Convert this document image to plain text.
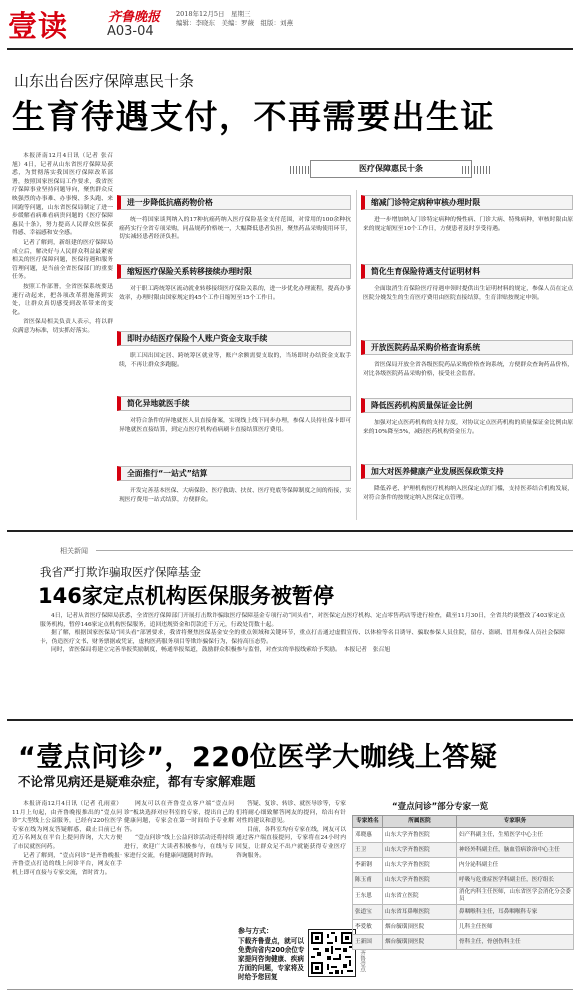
壹读	齐鲁晚报
A03-04
2018年12月5日　星期三
编辑：李晓东　美编：罗薇　组版：刘燕
山东出台医疗保障惠民十条
生育待遇支付，不再需要出生证

本报济南12月4日讯（记者 张召旭）4日，记者从山东省医疗保障局获悉，为贯彻落实我国医疗保障改革部署，按照国家医保局工作要求，我省医疗保障事业坚持问题导向，聚焦群众反映强烈的办事难、办事慢、多头跑、来回跑等问题，山东省医保局制定了进一步缓解看病难看病贵问题的《医疗保障惠民十条》，努力提高人民群众医保获得感、幸福感和安全感。

记者了解到，新组建的医疗保障局成立后，解决好与人民群众利益最紧密相关的医疗保障问题，医保待遇和服务管理问题，是当前全省医保部门的重要任务。

按照工作部署，全省医保系统要迅速行动起来，把各项改革措施落到实处，让群众真切感受到改革带来的变化。

省医保局相关负责人表示，将以群众满意为标准，切实抓好落实。

医疗保障惠民十条
进一步降低抗癌药物价格

统一将国家谈判纳入的17种抗癌药纳入医疗保险基金支付范围，对常用的100余种抗癌药实行全省专项采购，同品规药价格统一，大幅降低患者负担，聚焦药品采购使用环节，切实减轻患者经济负担。

缩短医疗保险关系转移接续办理时限

对于职工跨统筹区流动就业转移接续医疗保险关系的，进一步优化办理流程，提高办事效率，办理时限由国家规定的45个工作日缩短至15个工作日。

即时办结医疗保险个人账户资金支取手续

职工因出国定居、跨统筹区就业等，账户余额需要支取的，当场即时办结资金支取手续，不再让群众多跑腿。

简化异地就医手续

对符合条件的异地就医人员直接备案，实现线上线下同步办理，参保人员持社保卡即可异地就医直接结算，到定点医疗机构看病刷卡直接结算医疗费用。

全面推行“一站式”结算

开发完善基本医保、大病保险、医疗救助、扶贫、医疗兜底等保障制度之间的衔接，实现医疗费用一站式结算，方便群众。

缩减门诊特定病种审核办理时限

进一步增加纳入门诊特定病种的慢性病、门诊大病、特殊病种，审核时限由原来的规定缩短至10个工作日，方便患者及时享受待遇。

简化生育保险待遇支付证明材料

全面取消生育保险医疗待遇申领时提供出生证明材料的规定，参保人员在定点医院分娩发生的生育医疗费用由医院直接结算，生育津贴按规定申领。

开放医院药品采购价格查询系统

省医保局开放全省各级医院药品采购价格查询系统，方便群众查询药品价格，对比各级医院药品采购价格，接受社会监督。

降低医药机构质量保证金比例

加强对定点医药机构的支持力度，对协议定点医药机构的质量保证金比例由原来的10%降至5%，减轻医药机构资金压力。

加大对医养健康产业发展医保政策支持

降低养老、护理机构医疗机构纳入医保定点的门槛，支持医养结合机构发展，对符合条件的按规定纳入医保定点管理。

相关新闻
我省严打欺诈骗取医疗保障基金
146家定点机构医保服务被暂停

4日，记者从省医疗保障局获悉，全省医疗保障部门开展打击欺诈骗取医疗保障基金专项行动“回头看”，对医保定点医疗机构、定点零售药店等进行检查，截至11月30日，全省共约谈整改了403家定点服务机构，暂停146家定点机构医保服务，追回违规资金和罚款近千万元，行政处罚数十起。

据了解，根据国家医保局“回头看”部署要求，我省将聚焦医保基金安全的重点领域和关键环节，重点打击通过虚假宣传、以体检等名目诱导、骗取参保人员住院，留存、盗刷、冒用参保人员社会保障卡，伪造医疗文书、财务票据或凭证，虚构医药服务项目等欺诈骗保行为，保持高压态势。

同时，省医保局将建立完善举报奖励制度，畅通举报渠道，鼓励群众积极参与监督，对查实的举报线索给予奖励。　本报记者　张召旭

“壹点问诊”，220位医学大咖线上答疑
不论常见病还是疑难杂症，都有专家解难题

本报济南12月4日讯（记者 孔雨童）11月上旬起，由齐鲁晚报推出的“壹点问诊”大型线上公益服务，已经有220位医学专家在线为网友答疑解惑，截止目前已有近万名网友在平台上提问咨询，大大方便了市民就医问药。

记者了解到，“壹点问诊”是齐鲁晚报·齐鲁壹点打造的线上问诊平台，网友在手机上即可直接与专家交流，省时省力。

网友可以在齐鲁壹点客户端“壹点问诊”板块选择对应科室的专家，提出自己的健康问题，专家会在第一时间给予专业解答。

“壹点问诊”线上公益问诊活动还将持续进行，欢迎广大读者积极参与，在线与专家进行交流，有健康问题随时咨询。

答疑、复诊、转诊、就医导诊等，专家们将耐心细致解答网友的提问，给出有针对性的建议和意见。

目前，各科室均有专家在线，网友可以通过客户端直接提问，专家将在24小时内回复，让群众足不出户就能获得专业医疗咨询服务。

参与方式：
下载齐鲁壹点，就可以免费向省内200余位专家提问咨询健康、疾病方面的问题，专家将及时给予您回复
齐鲁壹点
“壹点问诊”部分专家一览
专家姓名	所属医院	专家职务
邓晓惠	山东大学齐鲁医院	妇产科副主任，生殖医学中心主任
王卫	山东大学齐鲁医院	神经外科副主任，脑血管病诊治中心主任
李新钢	山东大学齐鲁医院	内分泌科副主任
陈玉甫	山东大学齐鲁医院	呼吸与危重症医学科副主任，医疗组长
王东恩	山东省立医院	消化内科主任医师，山东省医学会消化分会委员
张道宝	山东省耳鼻喉医院	鼻咽喉科主任，耳鼻咽喉科专家
李爱敏	烟台毓璜顶医院	儿科主任医师
王新国	烟台毓璜顶医院	骨科主任，骨创伤科主任
